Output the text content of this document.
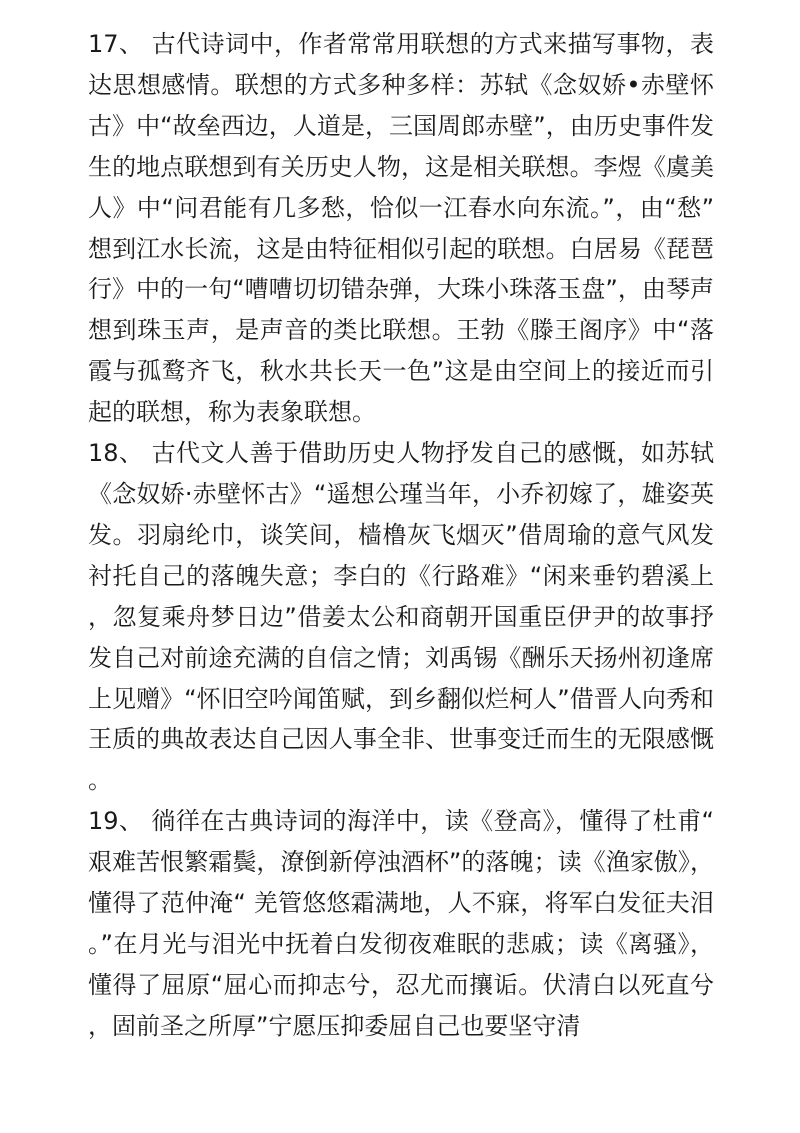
17、 古代诗词中，作者常常用联想的方式来描写事物，表达思想感情。联想的方式多种多样：苏轼《念奴娇•赤壁怀古》中“故垒西边，人道是，三国周郎赤壁”，由历史事件发生的地点联想到有关历史人物，这是相关联想。李煜《虞美人》中“问君能有几多愁，恰似一江春水向东流。”，由“愁”想到江水长流，这是由特征相似引起的联想。白居易《琵琶行》中的一句“嘈嘈切切错杂弹，大珠小珠落玉盘”，由琴声想到珠玉声，是声音的类比联想。王勃《滕王阁序》中“落霞与孤鹜齐飞，秋水共长天一色”这是由空间上的接近而引起的联想，称为表象联想。

18、 古代文人善于借助历史人物抒发自己的感慨，如苏轼《念奴娇·赤壁怀古》“遥想公瑾当年，小乔初嫁了，雄姿英发。羽扇纶巾，谈笑间，樯橹灰飞烟灭”借周瑜的意气风发衬托自己的落魄失意；李白的《行路难》“闲来垂钓碧溪上，忽复乘舟梦日边”借姜太公和商朝开国重臣伊尹的故事抒发自己对前途充满的自信之情；刘禹锡《酬乐天扬州初逢席上见赠》“怀旧空吟闻笛赋，到乡翻似烂柯人”借晋人向秀和王质的典故表达自己因人事全非、世事变迁而生的无限感慨。

19、 徜徉在古典诗词的海洋中，读《登高》，懂得了杜甫“ 艰难苦恨繁霜鬓，潦倒新停浊酒杯”的落魄；读《渔家傲》，懂得了范仲淹“ 羌管悠悠霜满地，人不寐，将军白发征夫泪。”在月光与泪光中抚着白发彻夜难眠的悲戚；读《离骚》，懂得了屈原“屈心而抑志兮，忍尤而攘诟。伏清白以死直兮，固前圣之所厚”宁愿压抑委屈自己也要坚守清
